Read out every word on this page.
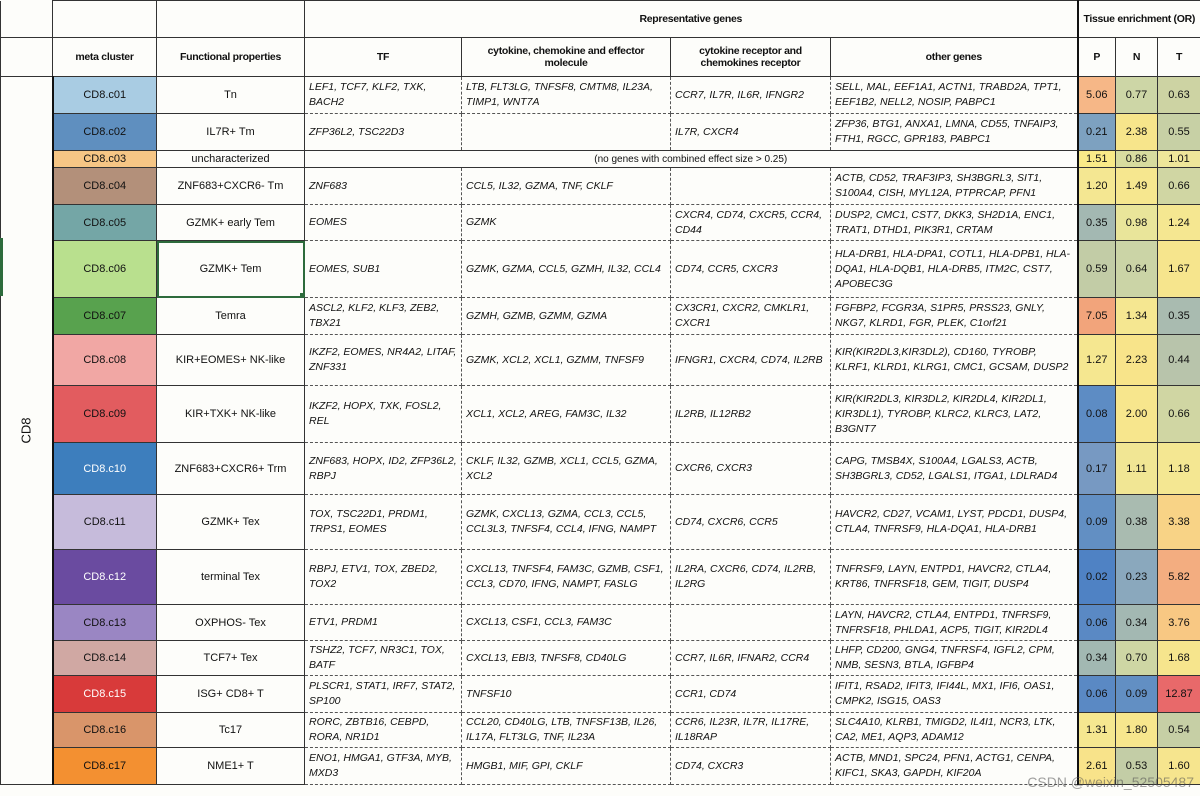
			Representative genes				Tissue enrichment (OR)		
	meta cluster	Functional properties	TF	cytokine, chemokine and effector molecule	cytokine receptor and chemokines receptor	other genes	P	N	T
CD8	CD8.c01	Tn	LEF1, TCF7, KLF2, TXK, BACH2	LTB, FLT3LG, TNFSF8, CMTM8, IL23A, TIMP1, WNT7A	CCR7, IL7R, IL6R, IFNGR2	SELL, MAL, EEF1A1, ACTN1, TRABD2A, TPT1, EEF1B2, NELL2, NOSIP, PABPC1	5.06	0.77	0.63
	CD8.c02	IL7R+ Tm	ZFP36L2, TSC22D3		IL7R, CXCR4	ZFP36, BTG1, ANXA1, LMNA, CD55, TNFAIP3, FTH1, RGCC, GPR183, PABPC1	0.21	2.38	0.55
	CD8.c03	uncharacterized	(no genes with combined effect size > 0.25)				1.51	0.86	1.01
	CD8.c04	ZNF683+CXCR6- Tm	ZNF683	CCL5, IL32, GZMA, TNF, CKLF		ACTB, CD52, TRAF3IP3, SH3BGRL3, SIT1, S100A4, CISH, MYL12A, PTPRCAP, PFN1	1.20	1.49	0.66
	CD8.c05	GZMK+ early Tem	EOMES	GZMK	CXCR4, CD74, CXCR5, CCR4, CD44	DUSP2, CMC1, CST7, DKK3, SH2D1A, ENC1, TRAT1, DTHD1, PIK3R1, CRTAM	0.35	0.98	1.24
	CD8.c06	GZMK+ Tem	EOMES, SUB1	GZMK, GZMA, CCL5, GZMH, IL32, CCL4	CD74, CCR5, CXCR3	HLA-DRB1, HLA-DPA1, COTL1, HLA-DPB1, HLA-DQA1, HLA-DQB1, HLA-DRB5, ITM2C, CST7, APOBEC3G	0.59	0.64	1.67
	CD8.c07	Temra	ASCL2, KLF2, KLF3, ZEB2, TBX21	GZMH, GZMB, GZMM, GZMA	CX3CR1, CXCR2, CMKLR1, CXCR1	FGFBP2, FCGR3A, S1PR5, PRSS23, GNLY, NKG7, KLRD1, FGR, PLEK, C1orf21	7.05	1.34	0.35
	CD8.c08	KIR+EOMES+ NK-like	IKZF2, EOMES, NR4A2, LITAF, ZNF331	GZMK, XCL2, XCL1, GZMM, TNFSF9	IFNGR1, CXCR4, CD74, IL2RB	KIR(KIR2DL3,KIR3DL2), CD160, TYROBP, KLRF1, KLRD1, KLRG1, CMC1, GCSAM, DUSP2	1.27	2.23	0.44
	CD8.c09	KIR+TXK+ NK-like	IKZF2, HOPX, TXK, FOSL2, REL	XCL1, XCL2, AREG, FAM3C, IL32	IL2RB, IL12RB2	KIR(KIR2DL3, KIR3DL2, KIR2DL4, KIR2DL1, KIR3DL1), TYROBP, KLRC2, KLRC3, LAT2, B3GNT7	0.08	2.00	0.66
	CD8.c10	ZNF683+CXCR6+ Trm	ZNF683, HOPX, ID2, ZFP36L2, RBPJ	CKLF, IL32, GZMB, XCL1, CCL5, GZMA, XCL2	CXCR6, CXCR3	CAPG, TMSB4X, S100A4, LGALS3, ACTB, SH3BGRL3, CD52, LGALS1, ITGA1, LDLRAD4	0.17	1.11	1.18
	CD8.c11	GZMK+ Tex	TOX, TSC22D1, PRDM1, TRPS1, EOMES	GZMK, CXCL13, GZMA, CCL3, CCL5, CCL3L3, TNFSF4, CCL4, IFNG, NAMPT	CD74, CXCR6, CCR5	HAVCR2, CD27, VCAM1, LYST, PDCD1, DUSP4, CTLA4, TNFRSF9, HLA-DQA1, HLA-DRB1	0.09	0.38	3.38
	CD8.c12	terminal Tex	RBPJ, ETV1, TOX, ZBED2, TOX2	CXCL13, TNFSF4, FAM3C, GZMB, CSF1, CCL3, CD70, IFNG, NAMPT, FASLG	IL2RA, CXCR6, CD74, IL2RB, IL2RG	TNFRSF9, LAYN, ENTPD1, HAVCR2, CTLA4, KRT86, TNFRSF18, GEM, TIGIT, DUSP4	0.02	0.23	5.82
	CD8.c13	OXPHOS- Tex	ETV1, PRDM1	CXCL13, CSF1, CCL3, FAM3C		LAYN, HAVCR2, CTLA4, ENTPD1, TNFRSF9, TNFRSF18, PHLDA1, ACP5, TIGIT, KIR2DL4	0.06	0.34	3.76
	CD8.c14	TCF7+ Tex	TSHZ2, TCF7, NR3C1, TOX, BATF	CXCL13, EBI3, TNFSF8, CD40LG	CCR7, IL6R, IFNAR2, CCR4	LHFP, CD200, GNG4, TNFRSF4, IGFL2, CPM, NMB, SESN3, BTLA, IGFBP4	0.34	0.70	1.68
	CD8.c15	ISG+ CD8+ T	PLSCR1, STAT1, IRF7, STAT2, SP100	TNFSF10	CCR1, CD74	IFIT1, RSAD2, IFIT3, IFI44L, MX1, IFI6, OAS1, CMPK2, ISG15, OAS3	0.06	0.09	12.87
	CD8.c16	Tc17	RORC, ZBTB16, CEBPD, RORA, NR1D1	CCL20, CD40LG, LTB, TNFSF13B, IL26, IL17A, FLT3LG, TNF, IL23A	CCR6, IL23R, IL7R, IL17RE, IL18RAP	SLC4A10, KLRB1, TMIGD2, IL4I1, NCR3, LTK, CA2, ME1, AQP3, ADAM12	1.31	1.80	0.54
	CD8.c17	NME1+ T	ENO1, HMGA1, GTF3A, MYB, MXD3	HMGB1, MIF, GPI, CKLF	CD74, CXCR3	ACTB, MND1, SPC24, PFN1, ACTG1, CENPA, KIFC1, SKA3, GAPDH, KIF20A	2.61	0.53	1.60
CSDN @weixin_52505487
